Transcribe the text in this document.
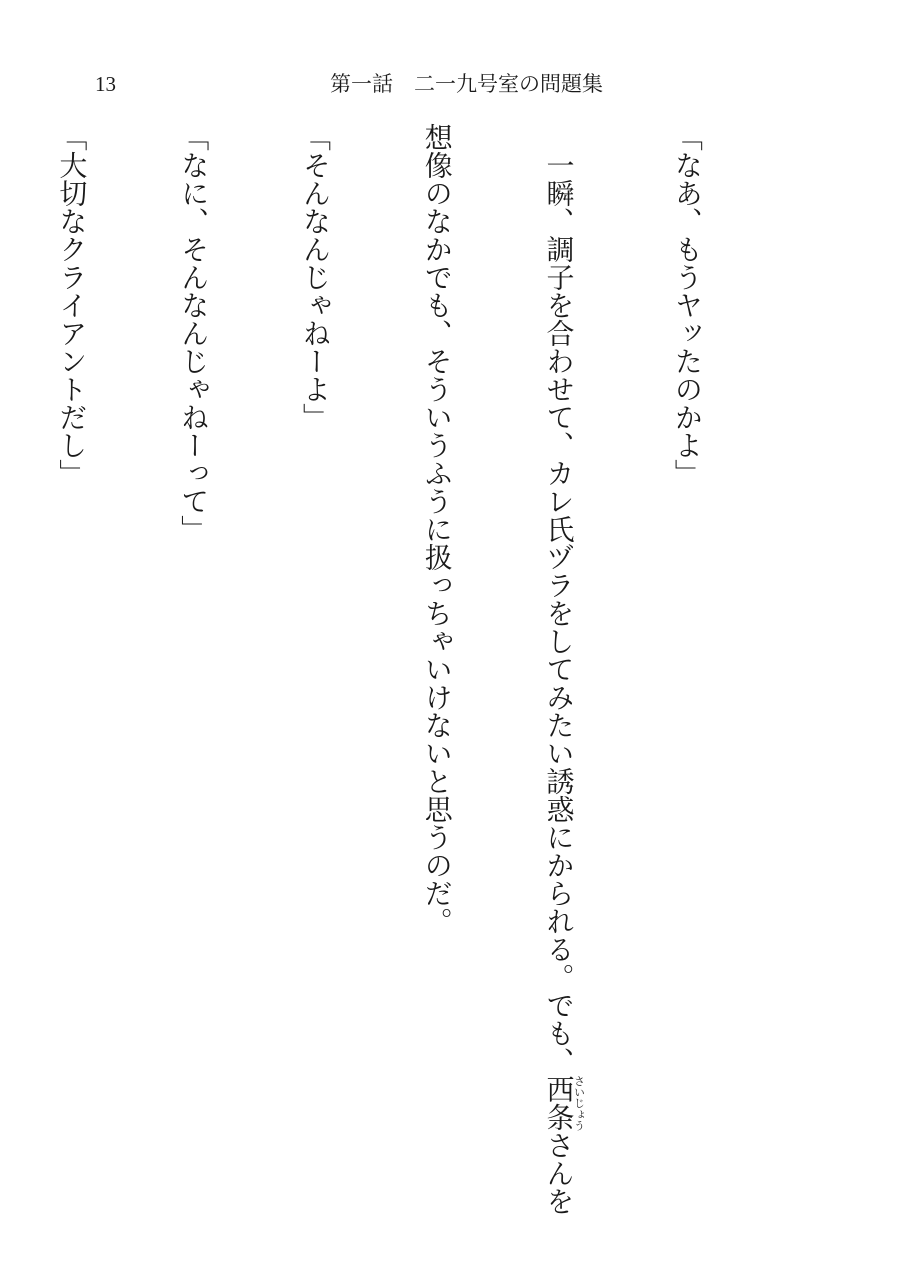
13	第一話　二一九号室の問題集

「なあ、もうヤッたのかよ」

　一瞬、調子を合わせて、カレ氏ヅラをしてみたい誘惑にかられる。でも、西条さいじょうさんを

想像のなかでも、そういうふうに扱っちゃいけないと思うのだ。

「そんなんじゃねーよ」

「なに、そんなんじゃねーって」

「大切なクライアントだし」
